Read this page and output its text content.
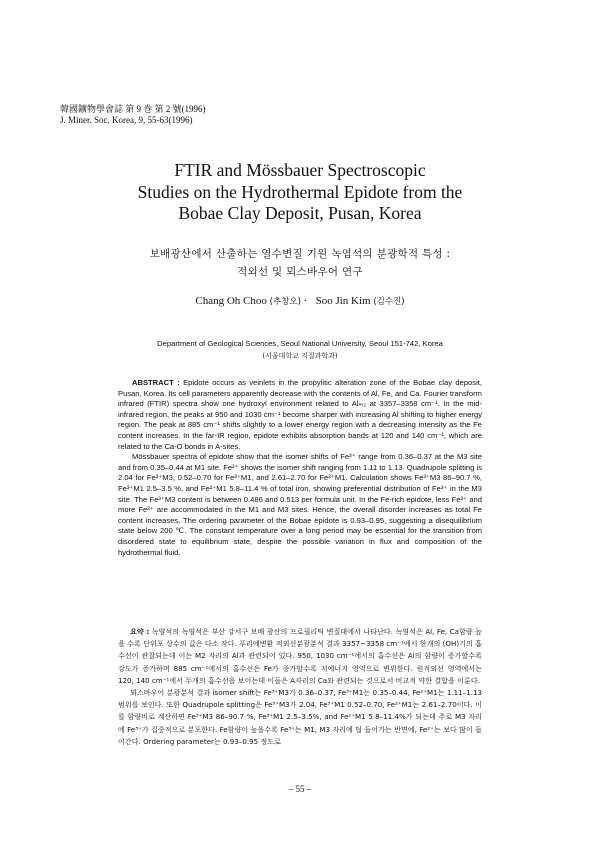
韓國鑛物學會誌 第 9 巻 第 2 號(1996)
J. Miner. Soc. Korea, 9, 55-63(1996)
FTIR and Mössbauer Spectroscopic
Studies on the Hydrothermal Epidote from the
Bobae Clay Deposit, Pusan, Korea
보배광산에서 산출하는 열수변질 기원 녹염석의 분광학적 특성 :
적외선 및 뫼스바우어 연구
Chang Oh Choo (추창오) · Soo Jin Kim (김수진)
Department of Geological Sciences, Seoul National University, Seoul 151-742, Korea
(서울대학교 지질과학과)

ABSTRACT : Epidote occurs as veinlets in the propylitic alteration zone of the Bobae clay deposit, Pusan, Korea. Its cell parameters apparently decrease with the contents of Al, Fe, and Ca. Fourier transform infrared (FTIR) spectra show one hydroxyl environment related to Alₘ₂ at 3357–3358 cm⁻¹. In the mid-infrared region, the peaks at 950 and 1030 cm⁻¹ become sharper with increasing Al shifting to higher energy region. The peak at 885 cm⁻¹ shifts slightly to a lower energy region with a decreasing intensity as the Fe content increases. In the far-IR region, epidote exhibits absorption bands at 120 and 140 cm⁻¹, which are related to the Ca-O bonds in A-sites.

Mössbauer spectra of epidote show that the isomer shifts of Fe³⁺ range from 0.36–0.37 at the M3 site and from 0.35–0.44 at M1 site. Fe²⁺ shows the isomer shift ranging from 1.11 to 1.13. Quadrupole splitting is 2.04 for Fe³⁺M3, 0.52–0.70 for Fe³⁺M1, and 2.61–2.70 for Fe²⁺M1. Calculation shows Fe³⁺M3 86–90.7 %, Fe³⁺M1 2.5–3.5 %, and Fe²⁺M1 5.8–11.4 % of total iron, showing preferential distribution of Fe³⁺ in the M3 site. The Fe³⁺M3 content is between 0.486 and 0.513 per formula unit. In the Fe-rich epidote, less Fe³⁺ and more Fe²⁺ are accommodated in the M1 and M3 sites. Hence, the overall disorder increases as total Fe content increases. The ordering parameter of the Bobae epidote is 0.93–0.95, suggesting a disequilibrium state below 200 ℃. The constant temperature over a long period may be essential for the transition from disordered state to equilibrium state, despite the possible variation in flux and composition of the hydrothermal fluid.

요약 : 녹염석의 녹염석은 부산 강서구 보배 광산의 프로필리틱 변질대에서 나타난다. 녹염석은 Al, Fe, Ca함량 높을 수록 단위포 상수의 값은 다소 작다. 푸리에변환 적외선분광분석 결과 3357~3358 cm⁻¹에서 한개의 (OH)기의 흡수선이 관찰되는데 이는 M2 자리의 Al과 관련되어 있다. 950, 1030 cm⁻¹에서의 흡수선은 Al의 함량이 증가할수록 강도가 증가하며 885 cm⁻¹에서의 흡수선은 Fe가 증가할수록 저에너지 영역으로 변위한다. 원적외선 영역에서는 120, 140 cm⁻¹에서 두개의 흡수선을 보이는데 이들은 A자리의 Ca와 관련되는 것으로서 비교적 약한 결합을 이룬다.

뫼스바우어 분광분석 결과 isomer shift는 Fe³⁺M3가 0.36–0.37, Fe³⁺M1는 0.35–0.44, Fe²⁺M1는 1.11–1.13 범위를 보인다. 또한 Quadrupole splitting은 Fe³⁺M3가 2.04, Fe³⁺M1 0.52–0.70, Fe²⁺M1는 2.61–2.70이다. 이를 함량비로 계산하면 Fe³⁺M3 86–90.7 %, Fe³⁺M1 2.5–3.5%, and Fe²⁺M1 5.8–11.4%가 되는데 주로 M3 자리에 Fe³⁺가 집중적으로 분포한다. Fe함량이 높을수록 Fe³⁺는 M1, M3 자리에 덜 들어가는 반면에, Fe²⁺는 보다 많이 들어간다. Ordering parameter는 0.93–0.95 정도로

– 55 –
